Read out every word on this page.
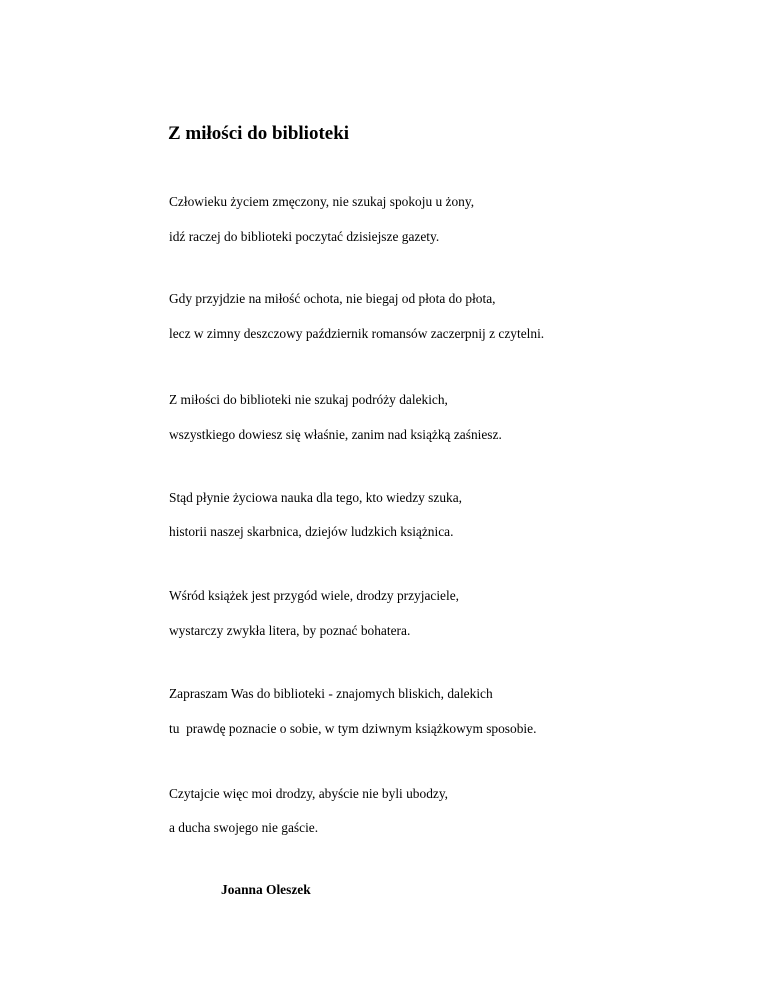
Z miłości do biblioteki

Człowieku życiem zmęczony, nie szukaj spokoju u żony,

idź raczej do biblioteki poczytać dzisiejsze gazety.

Gdy przyjdzie na miłość ochota, nie biegaj od płota do płota,

lecz w zimny deszczowy październik romansów zaczerpnij z czytelni.

Z miłości do biblioteki nie szukaj podróży dalekich,

wszystkiego dowiesz się właśnie, zanim nad książką zaśniesz.

Stąd płynie życiowa nauka dla tego, kto wiedzy szuka,

historii naszej skarbnica, dziejów ludzkich książnica.

Wśród książek jest przygód wiele, drodzy przyjaciele,

wystarczy zwykła litera, by poznać bohatera.

Zapraszam Was do biblioteki - znajomych bliskich, dalekich

tu  prawdę poznacie o sobie, w tym dziwnym książkowym sposobie.

Czytajcie więc moi drodzy, abyście nie byli ubodzy,

a ducha swojego nie gaście.

Joanna Oleszek
